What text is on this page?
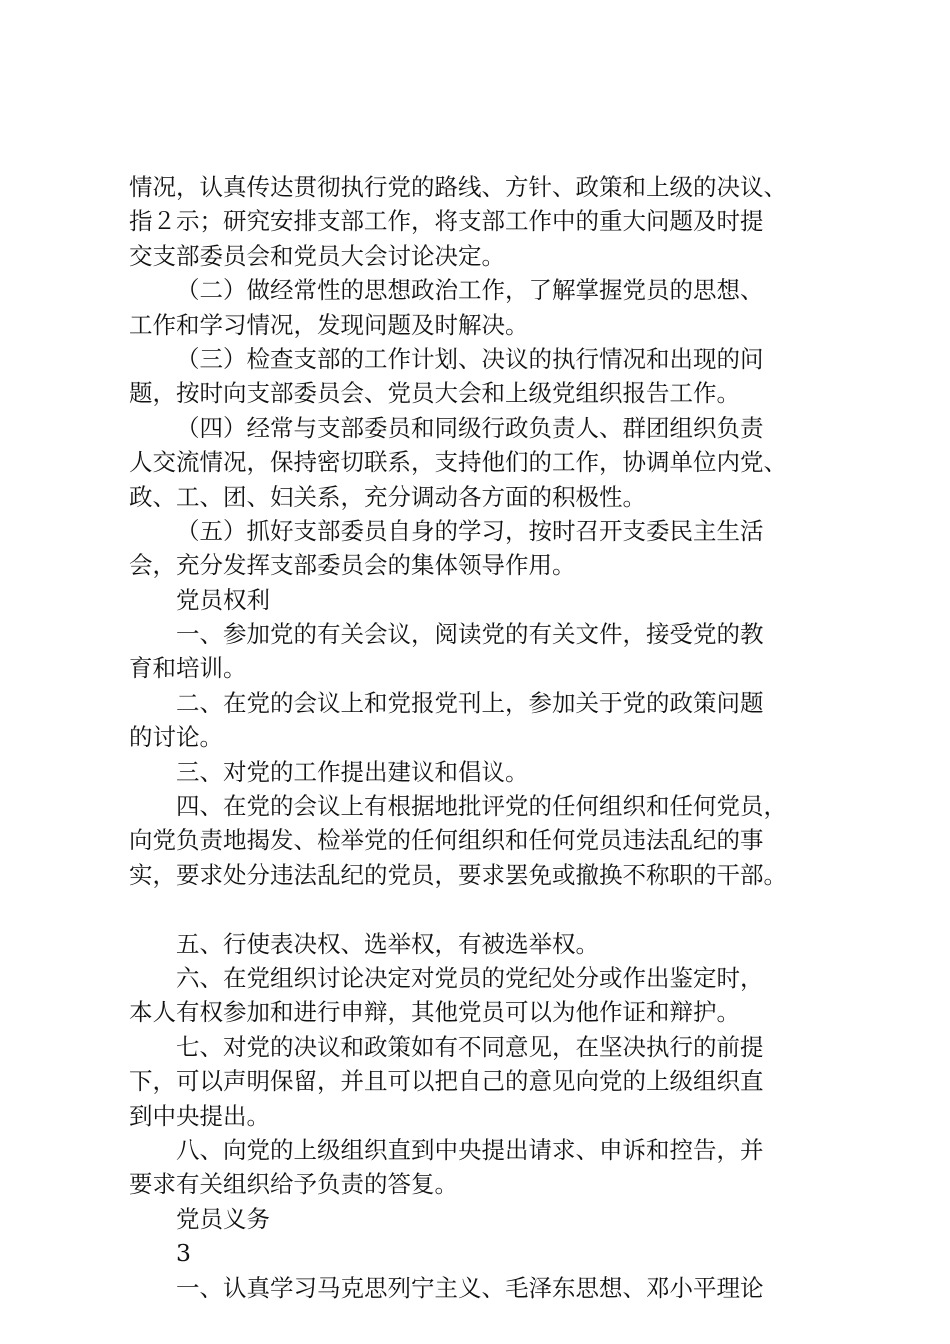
情况，认真传达贯彻执行党的路线、方针、政策和上级的决议、
指２示；研究安排支部工作，将支部工作中的重大问题及时提
交支部委员会和党员大会讨论决定。
（二）做经常性的思想政治工作，了解掌握党员的思想、
工作和学习情况，发现问题及时解决。
（三）检查支部的工作计划、决议的执行情况和出现的问
题，按时向支部委员会、党员大会和上级党组织报告工作。
（四）经常与支部委员和同级行政负责人、群团组织负责
人交流情况，保持密切联系，支持他们的工作，协调单位内党、
政、工、团、妇关系，充分调动各方面的积极性。
（五）抓好支部委员自身的学习，按时召开支委民主生活
会，充分发挥支部委员会的集体领导作用。
党员权利
一、参加党的有关会议，阅读党的有关文件，接受党的教
育和培训。
二、在党的会议上和党报党刊上，参加关于党的政策问题
的讨论。
三、对党的工作提出建议和倡议。
四、在党的会议上有根据地批评党的任何组织和任何党员，
向党负责地揭发、检举党的任何组织和任何党员违法乱纪的事
实，要求处分违法乱纪的党员，要求罢免或撤换不称职的干部。
五、行使表决权、选举权，有被选举权。
六、在党组织讨论决定对党员的党纪处分或作出鉴定时，
本人有权参加和进行申辩，其他党员可以为他作证和辩护。
七、对党的决议和政策如有不同意见，在坚决执行的前提
下，可以声明保留，并且可以把自己的意见向党的上级组织直
到中央提出。
八、向党的上级组织直到中央提出请求、申诉和控告，并
要求有关组织给予负责的答复。
党员义务
3
一、认真学习马克思列宁主义、毛泽东思想、邓小平理论
